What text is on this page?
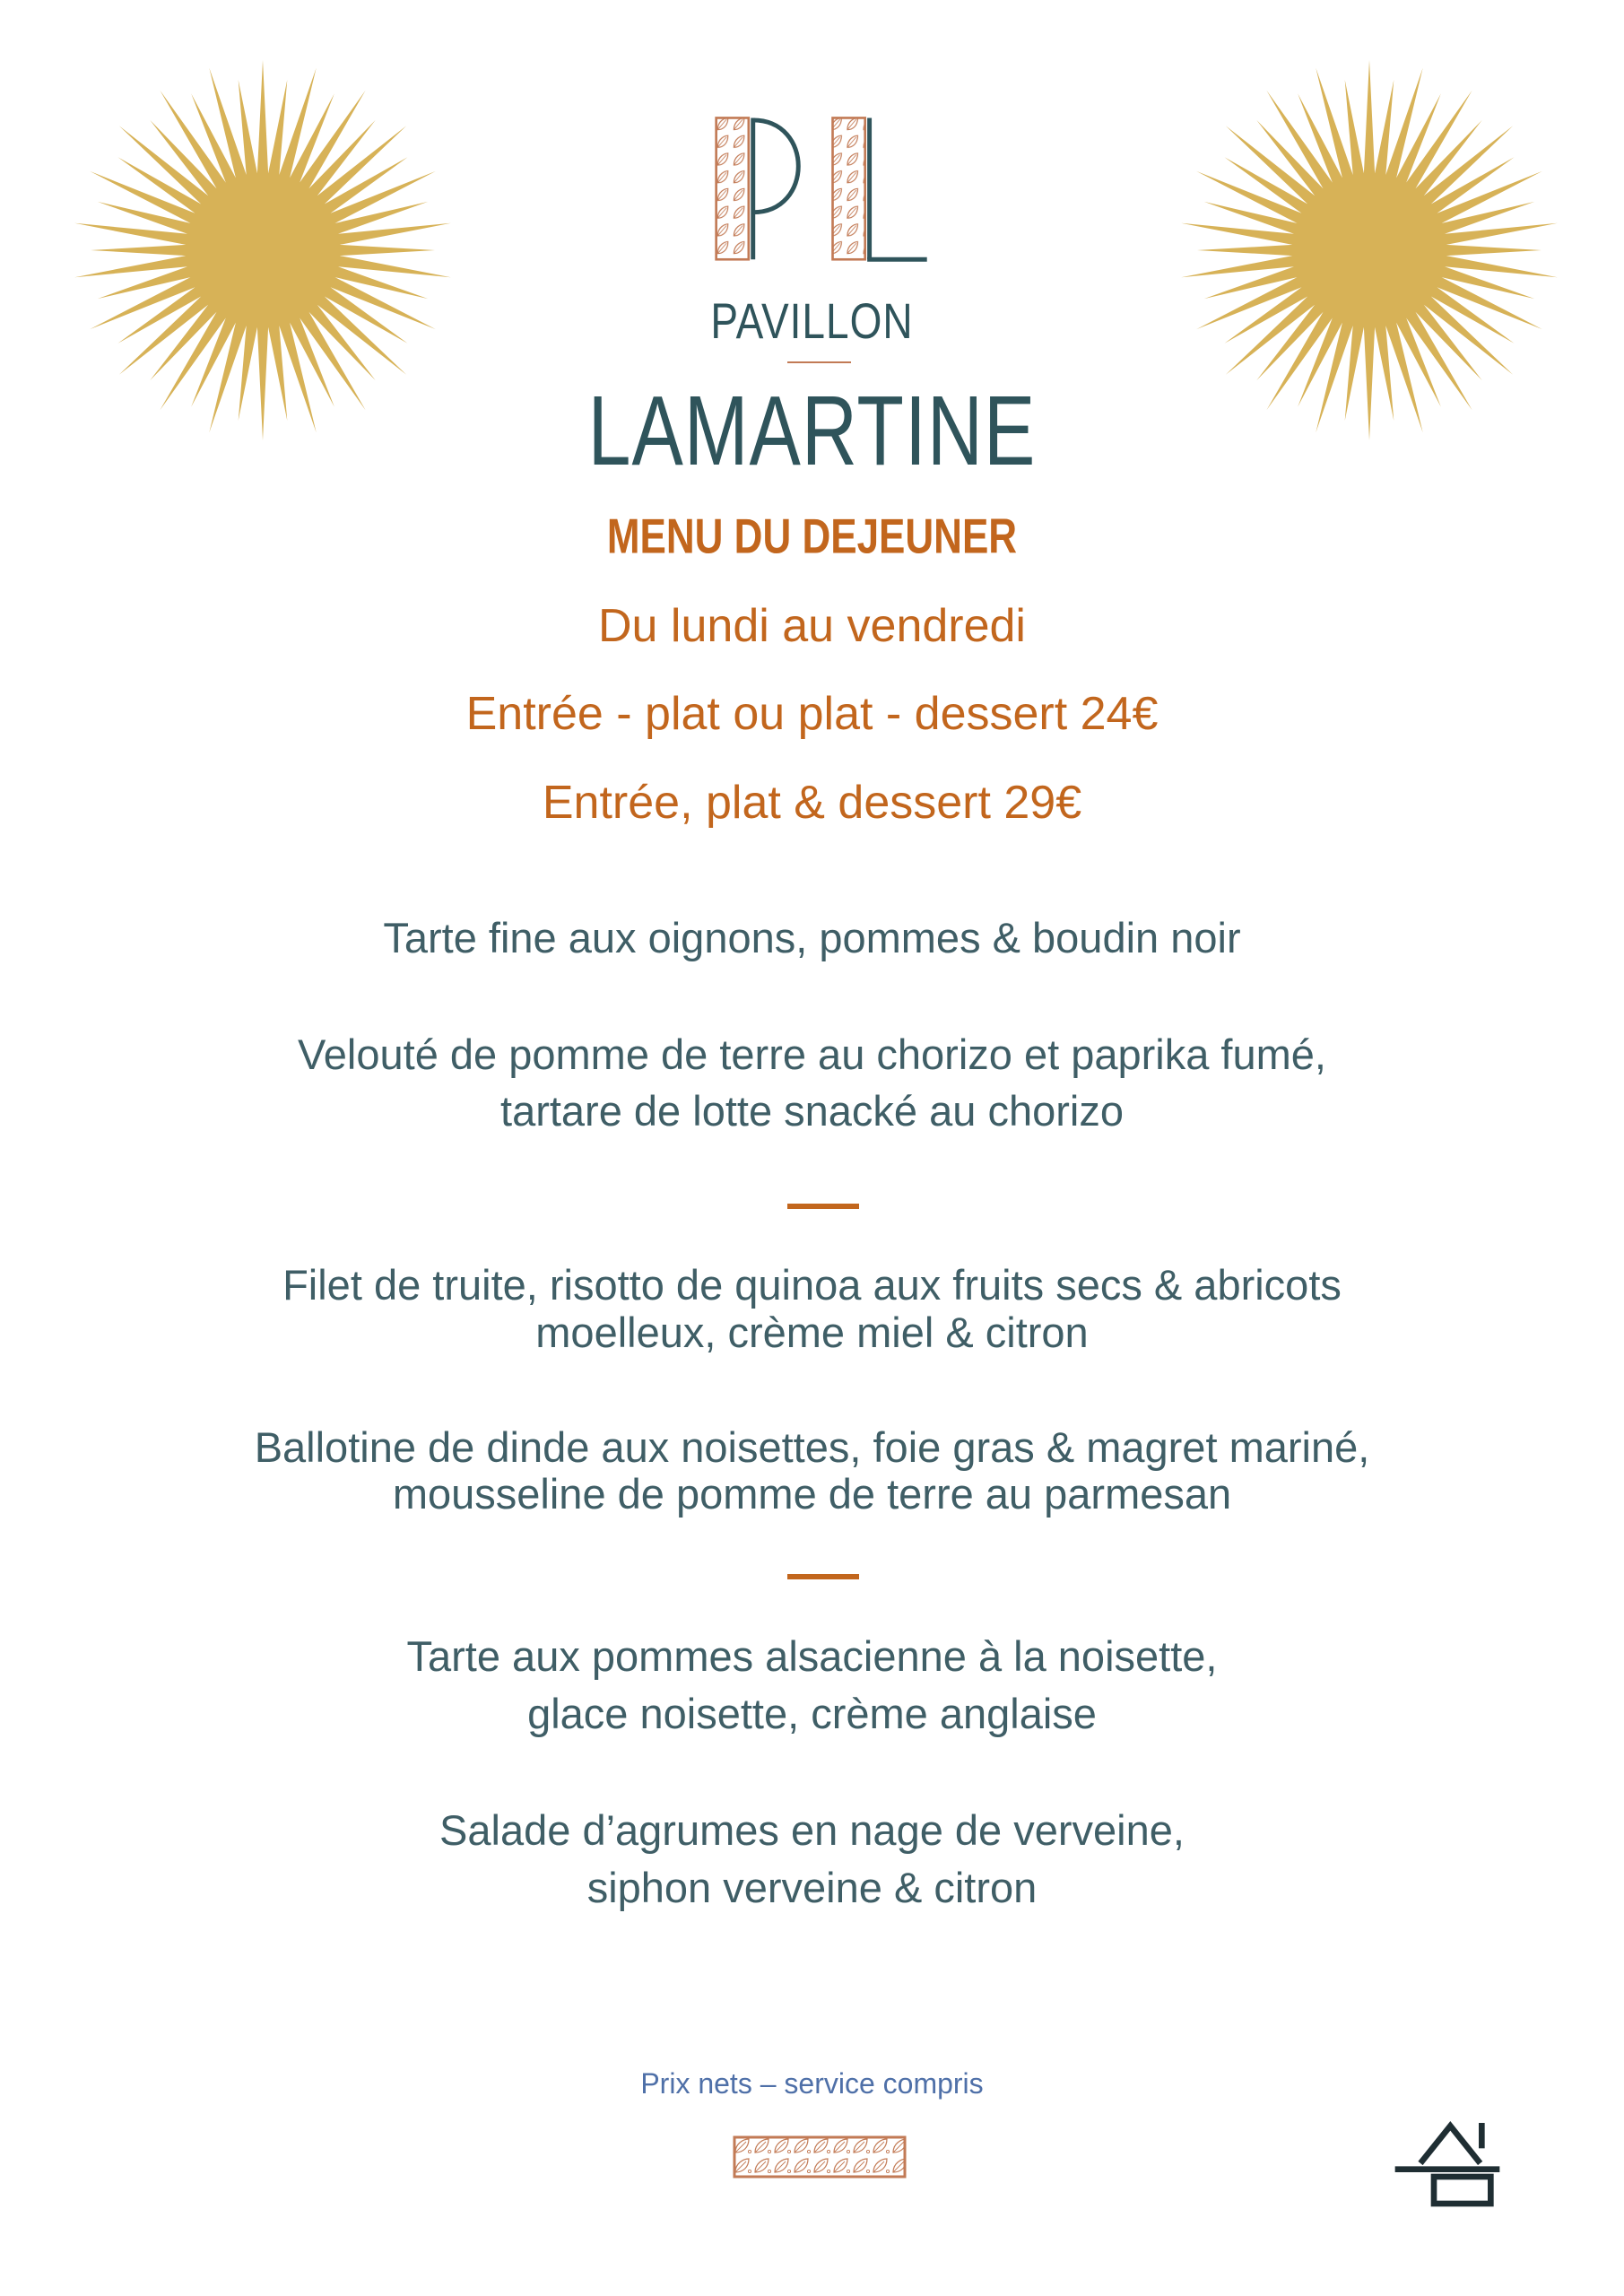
PAVILLON
LAMARTINE
MENU DU DEJEUNER
Du lundi au vendredi
Entrée - plat ou plat - dessert 24€
Entrée, plat & dessert 29€
Tarte fine aux oignons, pommes & boudin noir
Velouté de pomme de terre au chorizo et paprika fumé,
tartare de lotte snacké au chorizo
Filet de truite, risotto de quinoa aux fruits secs & abricots
moelleux, crème miel & citron
Ballotine de dinde aux noisettes, foie gras & magret mariné,
mousseline de pomme de terre au parmesan
Tarte aux pommes alsacienne à la noisette,
glace noisette, crème anglaise
Salade d’agrumes en nage de verveine,
siphon verveine & citron
Prix nets – service compris
